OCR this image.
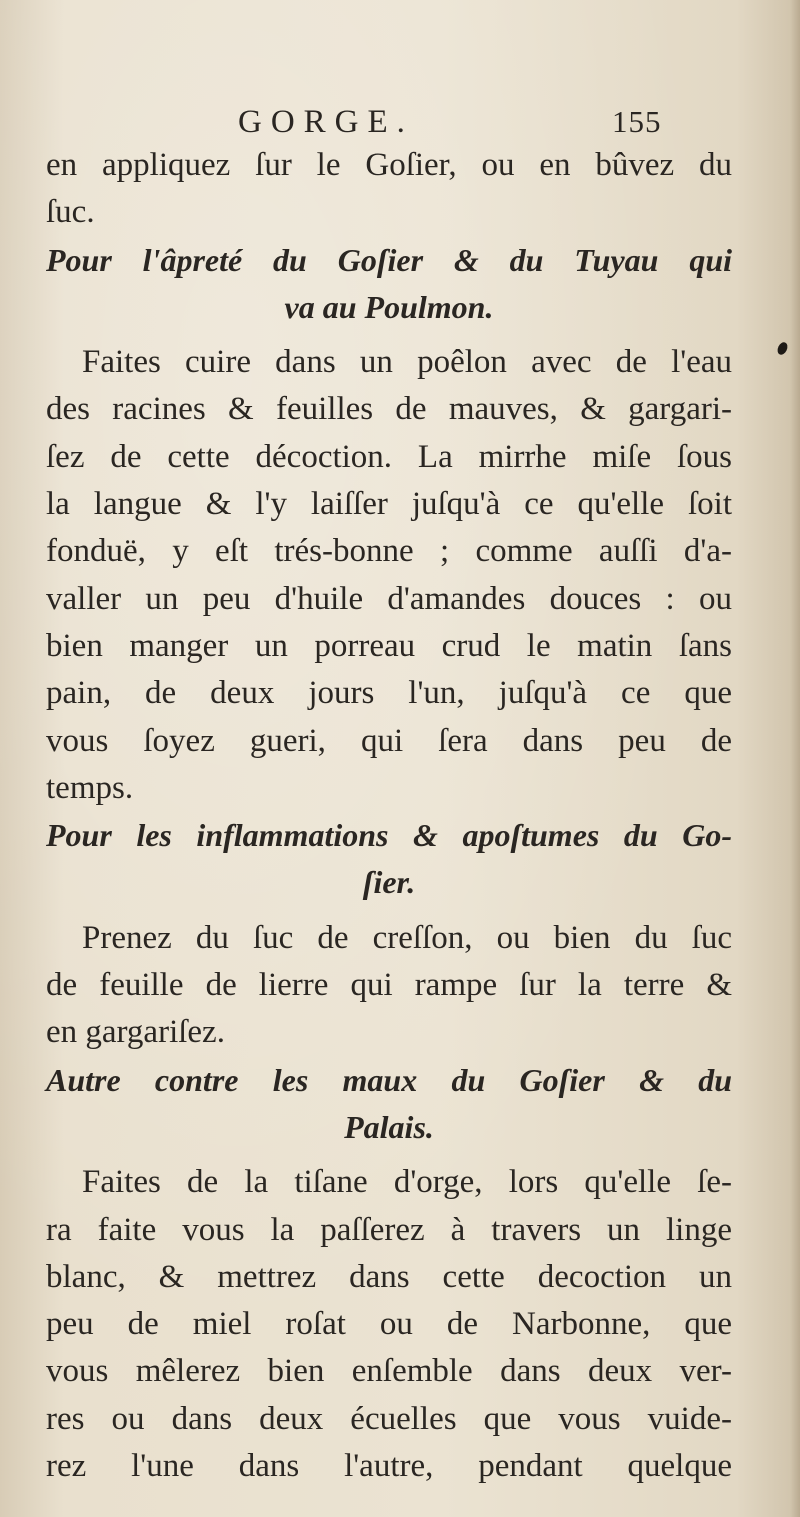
GORGE.	155
en appliquez ſur le Goſier, ou en bûvez du
ſuc.
Pour l'âpreté du Goſier & du Tuyau qui
va au Poulmon.
Faites cuire dans un poêlon avec de l'eau
des racines & feuilles de mauves, & gargari-
ſez de cette décoction. La mirrhe miſe ſous
la langue & l'y laiſſer juſqu'à ce qu'elle ſoit
fonduë, y eſt trés-bonne ; comme auſſi d'a-
valler un peu d'huile d'amandes douces : ou
bien manger un porreau crud le matin ſans
pain, de deux jours l'un, juſqu'à ce que
vous ſoyez gueri, qui ſera dans peu de
temps.
Pour les inflammations & apoſtumes du Go-
ſier.
Prenez du ſuc de creſſon, ou bien du ſuc
de feuille de lierre qui rampe ſur la terre &
en gargariſez.
Autre contre les maux du Goſier & du
Palais.
Faites de la tiſane d'orge, lors qu'elle ſe-
ra faite vous la paſſerez à travers un linge
blanc, & mettrez dans cette decoction un
peu de miel roſat ou de Narbonne, que
vous mêlerez bien enſemble dans deux ver-
res ou dans deux écuelles que vous vuide-
rez l'une dans l'autre, pendant quelque
